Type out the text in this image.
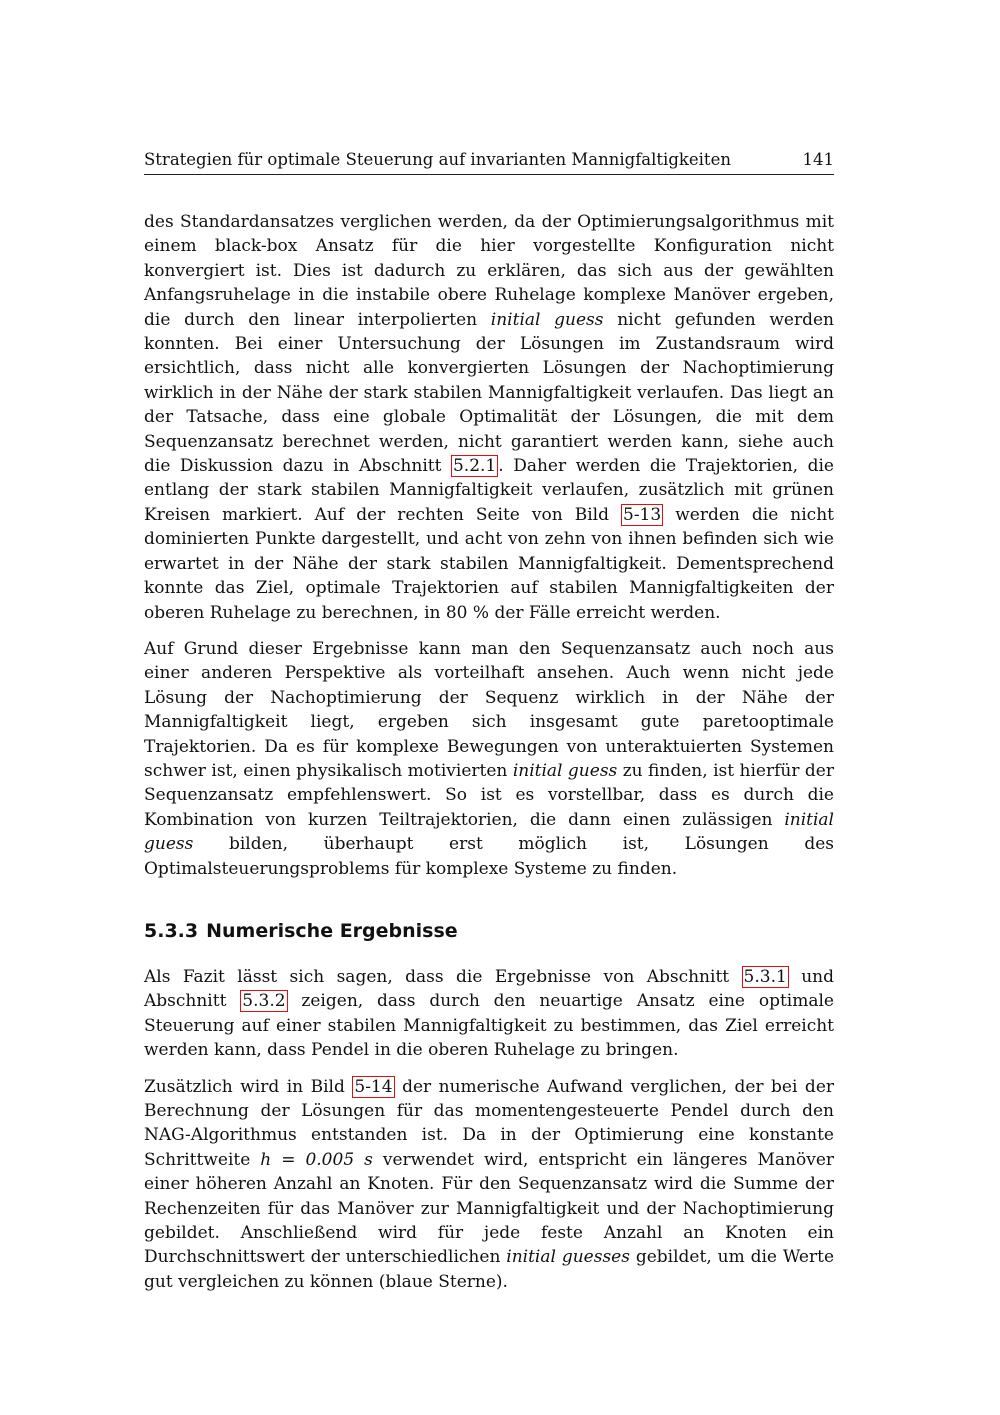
Strategien für optimale Steuerung auf invarianten Mannigfaltigkeiten	141

des Standardansatzes verglichen werden, da der Optimierungsalgorithmus mit einem black-box Ansatz für die hier vorgestellte Konfiguration nicht konvergiert ist. Dies ist dadurch zu erklären, das sich aus der gewählten Anfangsruhelage in die instabile obere Ruhelage komplexe Manöver ergeben, die durch den linear interpolierten initial guess nicht gefunden werden konnten. Bei einer Untersuchung der Lösungen im Zustandsraum wird ersichtlich, dass nicht alle konvergierten Lösungen der Nachoptimierung wirklich in der Nähe der stark stabilen Mannigfaltigkeit verlaufen. Das liegt an der Tatsache, dass eine globale Optimalität der Lösungen, die mit dem Sequenzansatz berechnet werden, nicht garantiert werden kann, siehe auch die Diskussion dazu in Abschnitt 5.2.1 . Daher werden die Trajektorien, die entlang der stark stabilen Mannigfaltigkeit verlaufen, zusätzlich mit grünen Kreisen markiert. Auf der rechten Seite von Bild 5-13 werden die nicht dominierten Punkte dargestellt, und acht von zehn von ihnen befinden sich wie erwartet in der Nähe der stark stabilen Mannigfaltigkeit. Dementsprechend konnte das Ziel, optimale Trajektorien auf stabilen Mannigfaltigkeiten der oberen Ruhelage zu berechnen, in 80 % der Fälle erreicht werden.

Auf Grund dieser Ergebnisse kann man den Sequenzansatz auch noch aus einer anderen Perspektive als vorteilhaft ansehen. Auch wenn nicht jede Lösung der Nachoptimierung der Sequenz wirklich in der Nähe der Mannigfaltigkeit liegt, ergeben sich insgesamt gute paretooptimale Trajektorien. Da es für komplexe Bewegungen von unteraktuierten Systemen schwer ist, einen physikalisch motivierten initial guess zu finden, ist hierfür der Sequenzansatz empfehlenswert. So ist es vorstellbar, dass es durch die Kombination von kurzen Teiltrajektorien, die dann einen zulässigen initial guess bilden, überhaupt erst möglich ist, Lösungen des Optimalsteuerungsproblems für komplexe Systeme zu finden.

5.3.3 Numerische Ergebnisse

Als Fazit lässt sich sagen, dass die Ergebnisse von Abschnitt 5.3.1 und Abschnitt 5.3.2 zeigen, dass durch den neuartige Ansatz eine optimale Steuerung auf einer stabilen Mannigfaltigkeit zu bestimmen, das Ziel erreicht werden kann, dass Pendel in die oberen Ruhelage zu bringen.

Zusätzlich wird in Bild 5-14 der numerische Aufwand verglichen, der bei der Berechnung der Lösungen für das momentengesteuerte Pendel durch den NAG-Algorithmus entstanden ist. Da in der Optimierung eine konstante Schrittweite h = 0.005 s verwendet wird, entspricht ein längeres Manöver einer höheren Anzahl an Knoten. Für den Sequenzansatz wird die Summe der Rechenzeiten für das Manöver zur Mannigfaltigkeit und der Nachoptimierung gebildet. Anschließend wird für jede feste Anzahl an Knoten ein Durchschnittswert der unterschiedlichen initial guesses gebildet, um die Werte gut vergleichen zu können (blaue Sterne).
